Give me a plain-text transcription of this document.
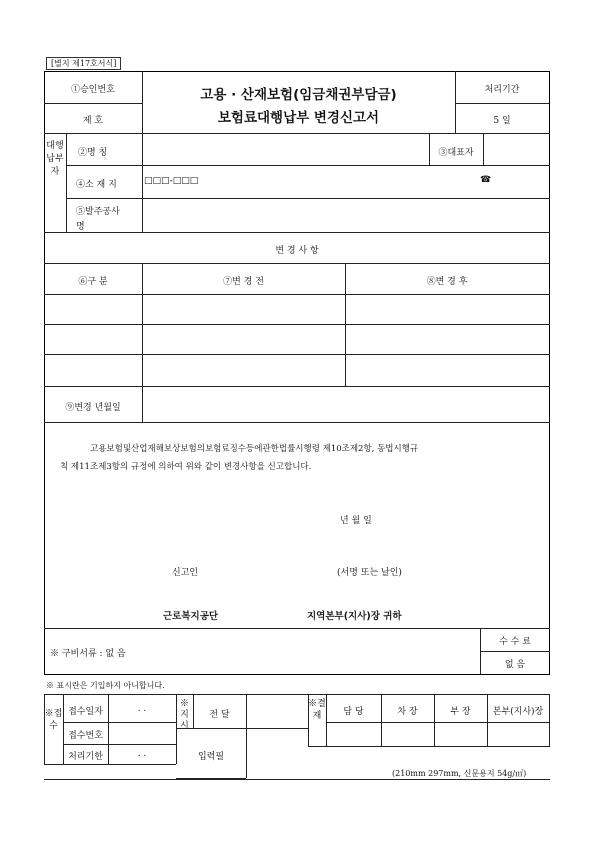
[별지 제17호서식]
①승인번호
제 호
고용 · 산재보험(임금채권부담금)
보험료대행납부 변경신고서
처리기간
5 일
대행납부자
②명 칭	③대표자
④소 재 지	□□□-□□□	☎
⑤발주공사
명
변 경 사 항
⑥구 분	⑦변 경 전	⑧변 경 후
⑨변경 년월일
고용보험및산업재해보상보험의보험료징수등에관한법률시행령 제10조제2항, 동법시행규
칙 제11조제3항의 규정에 의하여 위와 같이 변경사항을 신고합니다.
년 월 일
신고인	(서명 또는 날인)
근로복지공단	지역본부(지사)장 귀하
※ 구비서류 : 없 음
수 수 료
없 음
※ 표시란은 기입하지 아니합니다.
※접수
접수일자	. .
접수번호
처리기한	. .
※지시
전 달
입력필
※결재	담 당	차 장	부 장	본부(지사)장
(210mm 297mm, 신문용지 54g/㎡)
